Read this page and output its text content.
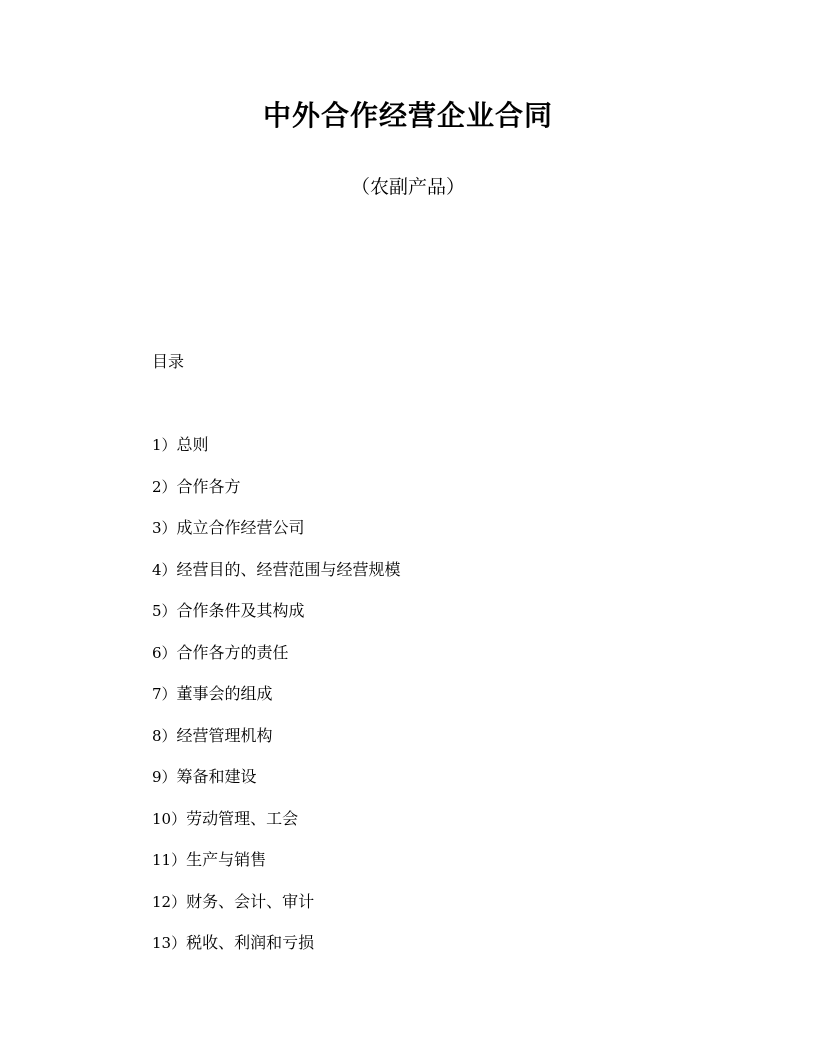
中外合作经营企业合同
（农副产品）
目录
1）总则
2）合作各方
3）成立合作经营公司
4）经营目的、经营范围与经营规模
5）合作条件及其构成
6）合作各方的责任
7）董事会的组成
8）经营管理机构
9）筹备和建设
10）劳动管理、工会
11）生产与销售
12）财务、会计、审计
13）税收、利润和亏损
